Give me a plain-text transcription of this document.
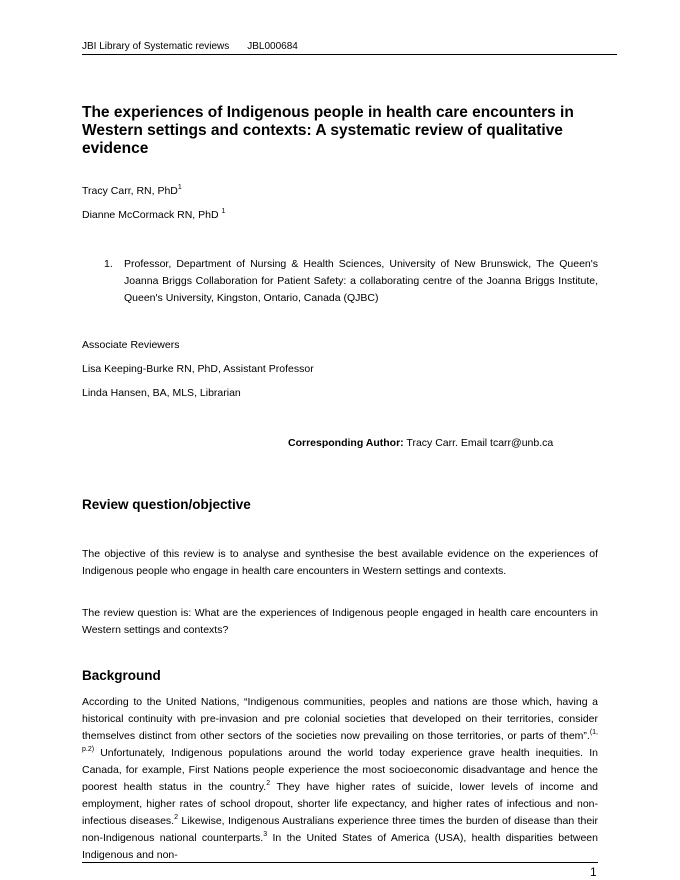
JBI Library of Systematic reviews JBL000684
The experiences of Indigenous people in health care encounters in Western settings and contexts: A systematic review of qualitative evidence
Tracy Carr, RN, PhD$^1$
Dianne McCormack RN, PhD $^1$
1. Professor, Department of Nursing & Health Sciences, University of New Brunswick, The Queen's Joanna Briggs Collaboration for Patient Safety: a collaborating centre of the Joanna Briggs Institute, Queen's University, Kingston, Ontario, Canada (QJBC)
Associate Reviewers
Lisa Keeping-Burke RN, PhD, Assistant Professor
Linda Hansen, BA, MLS, Librarian
Corresponding Author: Tracy Carr. Email tcarr@unb.ca
Review question/objective

The objective of this review is to analyse and synthesise the best available evidence on the experiences of Indigenous people who engage in health care encounters in Western settings and contexts.

The review question is: What are the experiences of Indigenous people engaged in health care encounters in Western settings and contexts?

Background

According to the United Nations, “Indigenous communities, peoples and nations are those which, having a historical continuity with pre-invasion and pre colonial societies that developed on their territories, consider themselves distinct from other sectors of the societies now prevailing on those territories, or parts of them”.$^{(1, p.2)}$ Unfortunately, Indigenous populations around the world today experience grave health inequities. In Canada, for example, First Nations people experience the most socioeconomic disadvantage and hence the poorest health status in the country.$^2$ They have higher rates of suicide, lower levels of income and employment, higher rates of school dropout, shorter life expectancy, and higher rates of infectious and non-infectious diseases.$^2$ Likewise, Indigenous Australians experience three times the burden of disease than their non-Indigenous national counterparts.$^3$ In the United States of America (USA), health disparities between Indigenous and non-

1
